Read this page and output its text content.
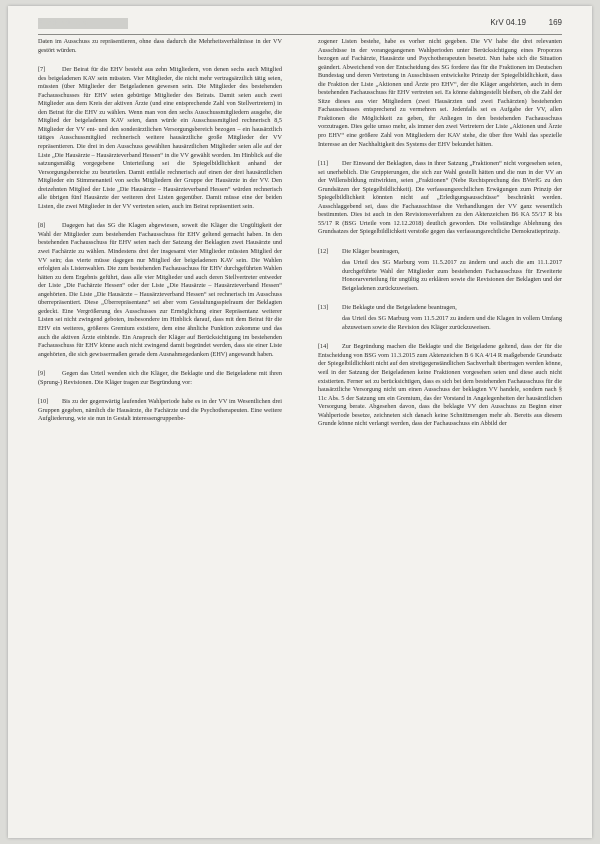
Entscheidungen	KrV 04.19	169

Daten im Ausschuss zu repräsentieren, ohne dass dadurch die Mehrheitsverhältnisse in der VV gestört würden.

[7]	Der Beirat für die EHV besteht aus zehn Mitgliedern, von denen sechs auch Mitglied des beigeladenen KAV sein müssten. Vier Mitglieder, die nicht mehr vertragsärztlich tätig seien, müssten (über Mitglieder der Beigeladenen gewesen sein. Die Mitglieder des bestehenden Fachausschusses für EHV seien gebürtige Mitglieder des Beirats. Damit seien auch zwei Mitglieder aus dem Kreis der aktiven Ärzte (und eine entsprechende Zahl von Stellvertretern) in den Beirat für die EHV zu wählen. Wenn man von den sechs Ausschussmitgliedern ausgehe, die Mitglied der beigeladenen KAV seien, dann würde ein Ausschussmitglied rechnerisch 8,5 Mitglieder der VV ent- und den sonderärztlichen Versorgungsbereich bezogen – ein hausärztlich tätiges Ausschussmitglied rechnerisch weitere hausärztliche große Mitglieder der VV repräsentieren. Die drei in den Ausschuss gewählten hausärztlichen Mitglieder seien alle auf der Liste „Die Hausärzte – Hausärzteverband Hessen“ in die VV gewählt worden. Im Hinblick auf die satzungsmäßig vorgegebene Unterteilung sei die Spiegelbildlichkeit anhand der Versorgungsbereiche zu beurteilen. Damit entfalle rechnerisch auf einen der drei hausärztlichen Mitglieder ein Stimmenanteil von sechs Mitgliedern der Gruppe der Hausärzte in der VV. Den dreizehnten Mitglied der Liste „Die Hausärzte – Hausärzteverband Hessen“ würden rechnerisch alle übrigen fünf Hausärzte der weiteren drei Listen gegenüber. Damit müsse eine der beiden Listen, die zwei Mitglieder in der VV vertreten seien, auch im Beirat repräsentiert sein.

[8]	Dagegen hat das SG die Klagen abgewiesen, soweit die Kläger die Ungültigkeit der Wahl der Mitglieder zum bestehenden Fachausschuss für EHV geltend gemacht haben. In den bestehenden Fachausschuss für EHV seien nach der Satzung der Beklagten zwei Hausärzte und zwei Fachärzte zu wählen. Mindestens drei der insgesamt vier Mitglieder müssten Mitglied der VV sein; das vierte müsse dagegen nur Mitglied der beigeladenen KAV sein. Die Wahlen erfolgten als Listenwahlen. Die zum bestehenden Fachausschuss für EHV durchgeführten Wahlen hätten zu dem Ergebnis geführt, dass alle vier Mitglieder und auch deren Stellvertreter entweder der Liste „Die Fachärzte Hessen“ oder der Liste „Die Hausärzte – Hausärzteverband Hessen“ angehörten. Die Liste „Die Hausärzte – Hausärzteverband Hessen“ sei rechnerisch im Ausschuss überrepräsentiert. Diese „Überrepräsentanz“ sei aber vom Gestaltungsspielraum der Beklagten gedeckt. Eine Vergrößerung des Ausschusses zur Ermöglichung einer Repräsentanz weiterer Listen sei nicht zwingend geboten, insbesondere im Hinblick darauf, dass mit dem Beirat für die EHV ein weiteres, größeres Gremium existiere, dem eine ähnliche Funktion zukomme und das auch die aktiven Ärzte einbinde. Ein Anspruch der Kläger auf Berücksichtigung im bestehenden Fachausschuss für EHV könne auch nicht zwingend damit begründet werden, dass sie einer Liste angehörten, die sich gewissermaßen gerade dem Ausnahmegedanken (EHV) angewandt haben.

[9]	Gegen das Urteil wenden sich die Kläger, die Beklagte und die Beigeladene mit ihren (Sprung-) Revisionen. Die Kläger tragen zur Begründung vor:

[10] Bis zu der gegenwärtig laufenden Wahlperiode habe es in der VV im Wesentlichen drei Gruppen gegeben, nämlich die Hausärzte, die Fachärzte und die Psychotherapeuten. Eine weitere Aufgliederung, wie sie nun in Gestalt interessengruppenbe-

zogener Listen bestehe, habe es vorher nicht gegeben. Die VV habe die drei relevanten Ausschüsse in der vorangegangenen Wahlperioden unter Berücksichtigung eines Proporzes bezogen auf Fachärzte, Hausärzte und Psychotherapeuten besetzt. Nun habe sich die Situation geändert. Abweichend von der Entscheidung des SG fordere das für die Fraktionen im Deutschen Bundestag und deren Vertretung in Ausschüssen entwickelte Prinzip der Spiegelbildlichkeit, dass die Fraktion der Liste „Aktionen und Ärzte pro EHV“, der die Kläger angehörten, auch in dem bestehenden Fachausschuss für EHV vertreten sei. Es könne dahingestellt bleiben, ob die Zahl der Sitze dieses aus vier Mitgliedern (zwei Hausärzten und zwei Fachärzten) bestehenden Fachausschusses entsprechend zu vermehren sei. Jedenfalls sei es Aufgabe der VV, allen Fraktionen die Möglichkeit zu geben, ihr Anliegen in den bestehenden Fachausschuss vorzutragen. Dies gelte umso mehr, als immer den zwei Vertretern der Liste „Aktionen und Ärzte pro EHV“ eine größere Zahl von Mitgliedern der KAV stehe, die über ihre Wahl das spezielle Interesse an der Nachhaltigkeit des Systems der EHV bekundet hätten.

[11] Der Einwand der Beklagten, dass in ihrer Satzung „Fraktionen“ nicht vorgesehen seien, sei unerheblich. Die Gruppierungen, die sich zur Wahl gestellt hätten und die nun in der VV an der Willensbildung mitwirkten, seien „Fraktionen“ (Nebe Rechtsprechung des BVerfG zu den Grundsätzen der Spiegelbildlichkeit). Die verfassungsrechtlichen Erwägungen zum Prinzip der Spiegelbildlichkeit könnten nicht auf „Erledigungsausschüsse“ beschränkt werden. Ausschlaggebend sei, dass die Fachausschüsse die Verhandlungen der VV ganz wesentlich bestimmten. Dies ist auch in den Revisionsverfahren zu den Aktenzeichen B6 KA 55/17 R bis 55/17 R (BSG Urteile vom 12.12.2018) deutlich geworden. Die vollständige Ablehnung des Grundsatzes der Spiegelbildlichkeit verstoße gegen das verfassungsrechtliche Demokratieprinzip.

[12] Die Kläger beantragen,

das Urteil des SG Marburg vom 11.5.2017 zu ändern und auch die am 11.1.2017 durchgeführte Wahl der Mitglieder zum bestehenden Fachausschuss für Erweiterte Honorarverteilung für ungültig zu erklären sowie die Revisionen der Beklagten und der Beigeladenen zurückzuweisen.

[13] Die Beklagte und die Beigeladene beantragen,

das Urteil des SG Marburg vom 11.5.2017 zu ändern und die Klagen in vollem Umfang abzuweisen sowie die Revision des Kläger zurückzuweisen.

[14] Zur Begründung machen die Beklagte und die Beigeladene geltend, dass der für die Entscheidung von BSG vom 11.3.2015 zum Aktenzeichen B 6 KA 4/14 R maßgebende Grundsatz der Spiegelbildlichkeit nicht auf den streitgegenständlichen Sachverhalt übertragen werden könne, weil in der Satzung der Beigeladenen keine Fraktionen vorgesehen seien und diese auch nicht existierten. Ferner sei zu berücksichtigen, dass es sich bei dem bestehenden Fachausschuss für die hausärztliche Versorgung nicht um einen Ausschuss der beklagten VV handele, sondern nach § 11c Abs. 5 der Satzung um ein Gremium, das der Vorstand in Angelegenheiten der hausärztlichen Versorgung berate. Abgesehen davon, dass die beklagte VV den Ausschuss zu Beginn einer Wahlperiode besetze, zeichneten sich danach keine Schnittmengen mehr ab. Bereits aus diesem Grunde könne nicht verlangt werden, dass der Fachausschuss ein Abbild der
